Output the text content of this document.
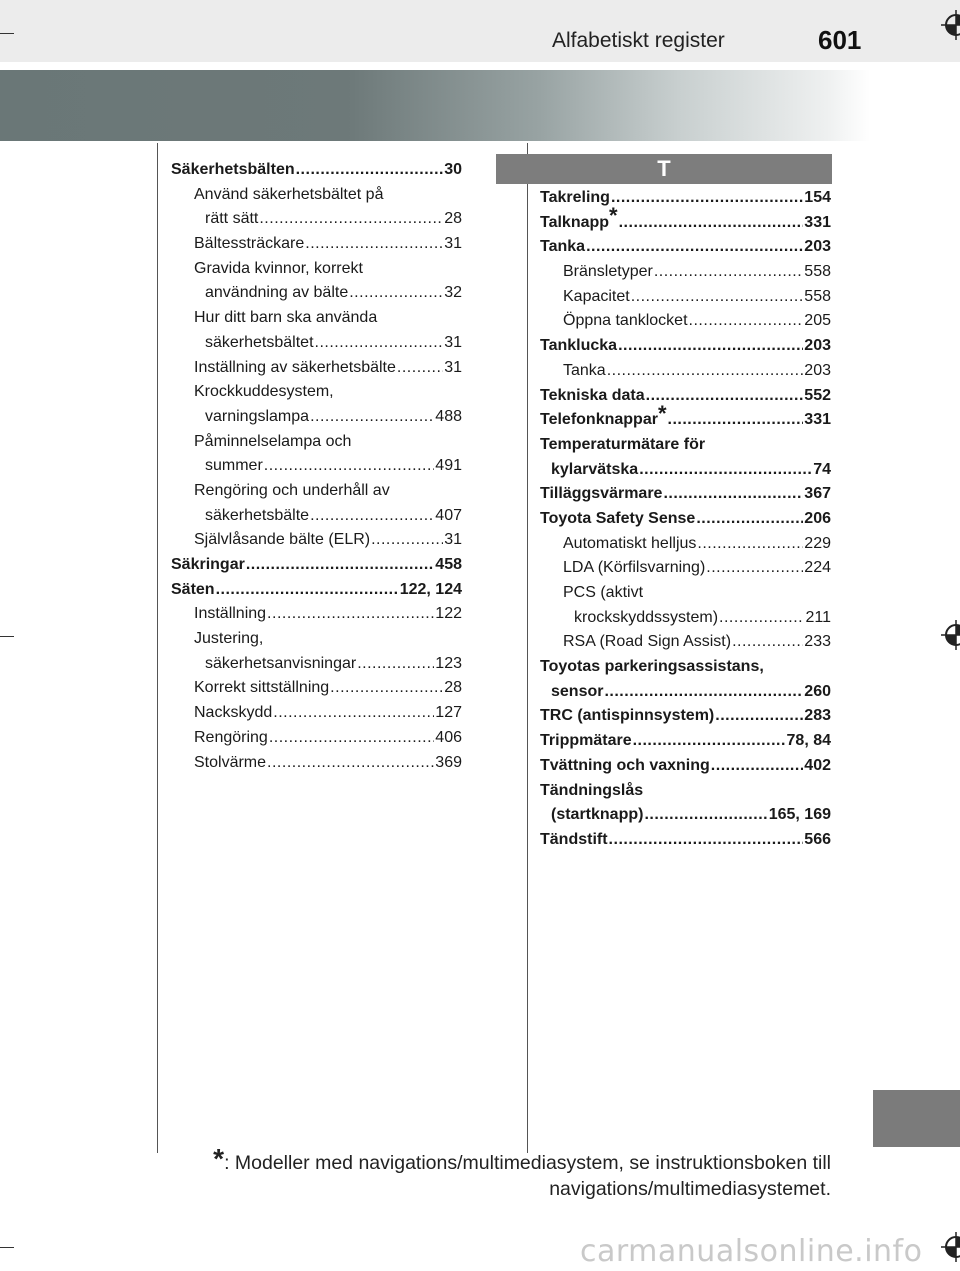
Alfabetiskt register	601
Säkerhetsbälten .....	30
Använd säkerhetsbältet på
rätt sätt .....	28
Bältessträckare .....	31
Gravida kvinnor, korrekt
användning av bälte .....	32
Hur ditt barn ska använda
säkerhetsbältet .....	31
Inställning av säkerhetsbälte .....	31
Krockkuddesystem,
varningslampa .....	488
Påminnelselampa och
summer .....	491
Rengöring och underhåll av
säkerhetsbälte .....	407
Självlåsande bälte (ELR) .....	31
Säkringar .....	458
Säten .....	122, 124
Inställning .....	122
Justering,
säkerhetsanvisningar .....	123
Korrekt sittställning .....	28
Nackskydd .....	127
Rengöring .....	406
Stolvärme .....	369
T
Takreling .....	154
Talknapp * .....	331
Tanka .....	203
Bränsletyper .....	558
Kapacitet .....	558
Öppna tanklocket .....	205
Tanklucka .....	203
Tanka .....	203
Tekniska data .....	552
Telefonknappar * .....	331
Temperaturmätare för
kylarvätska .....	74
Tilläggsvärmare .....	367
Toyota Safety Sense .....	206
Automatiskt helljus .....	229
LDA (Körfilsvarning) .....	224
PCS (aktivt
krockskyddssystem) .....	211
RSA (Road Sign Assist) .....	233
Toyotas parkeringsassistans,
sensor .....	260
TRC (antispinnsystem) .....	283
Trippmätare .....	78, 84
Tvättning och vaxning .....	402
Tändningslås
(startknapp) .....	165, 169
Tändstift .....	566
*: Modeller med navigations/multimediasystem, se instruktionsboken till
navigations/multimediasystemet.
carmanualsonline.info
